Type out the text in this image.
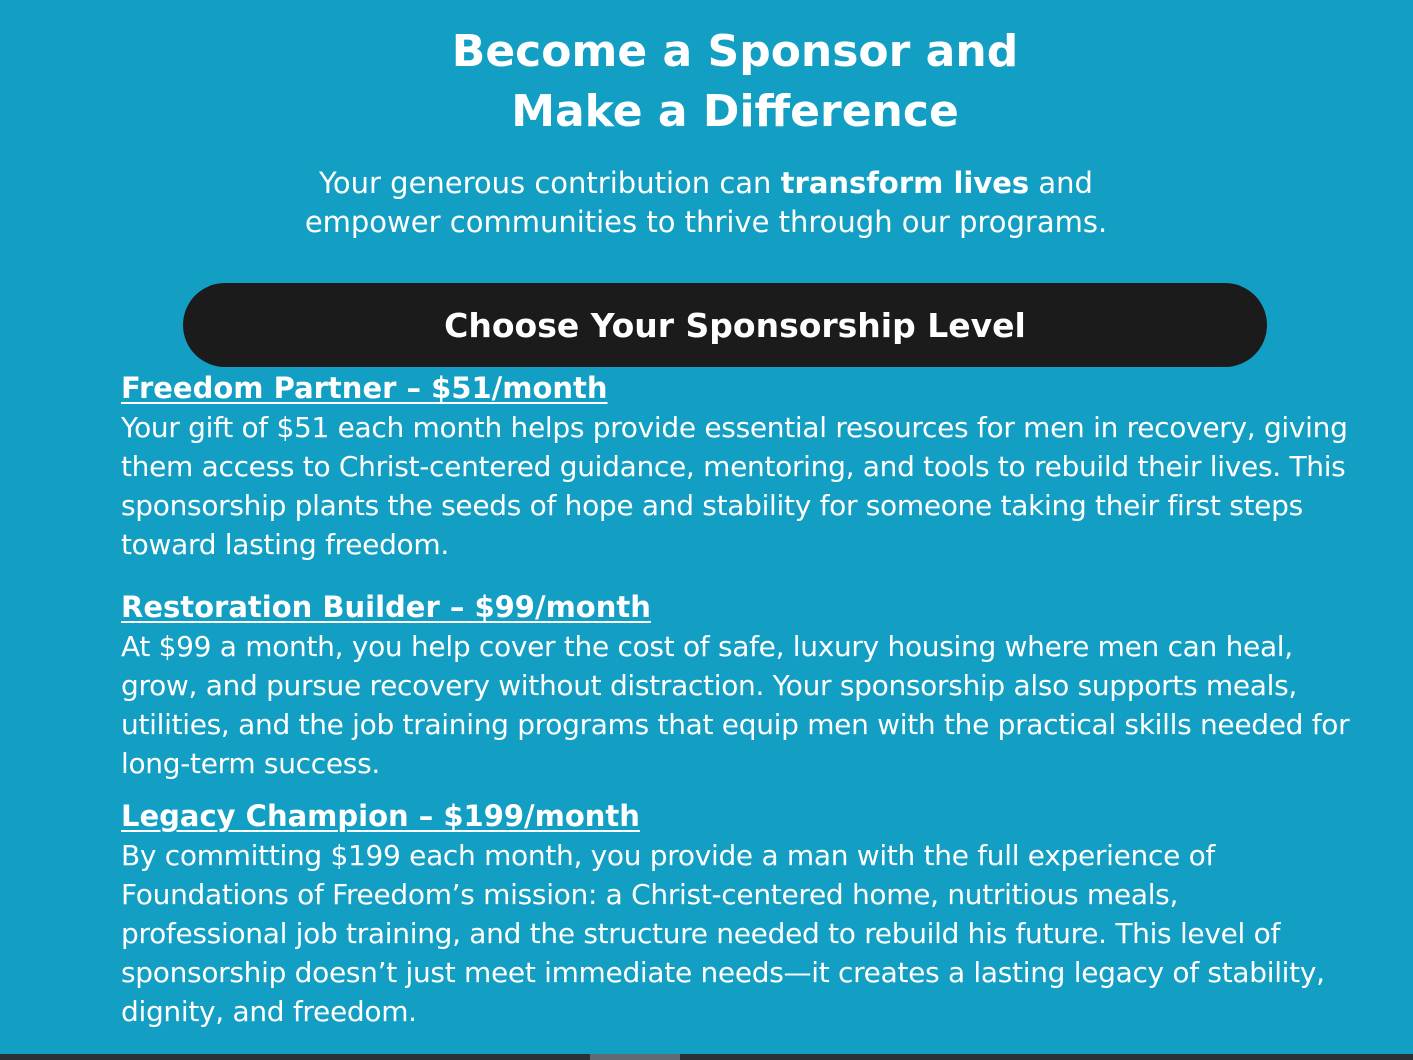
Become a Sponsor and
Make a Difference

Your generous contribution can transform lives and empower communities to thrive through our programs.

Choose Your Sponsorship Level
Freedom Partner – $51/month

Your gift of $51 each month helps provide essential resources for men in recovery, giving them access to Christ-centered guidance, mentoring, and tools to rebuild their lives. This sponsorship plants the seeds of hope and stability for someone taking their first steps toward lasting freedom.

Restoration Builder – $99/month

At $99 a month, you help cover the cost of safe, luxury housing where men can heal, grow, and pursue recovery without distraction. Your sponsorship also supports meals, utilities, and the job training programs that equip men with the practical skills needed for long-term success.

Legacy Champion – $199/month

By committing $199 each month, you provide a man with the full experience of Foundations of Freedom’s mission: a Christ-centered home, nutritious meals, professional job training, and the structure needed to rebuild his future. This level of sponsorship doesn’t just meet immediate needs—it creates a lasting legacy of stability, dignity, and freedom.
